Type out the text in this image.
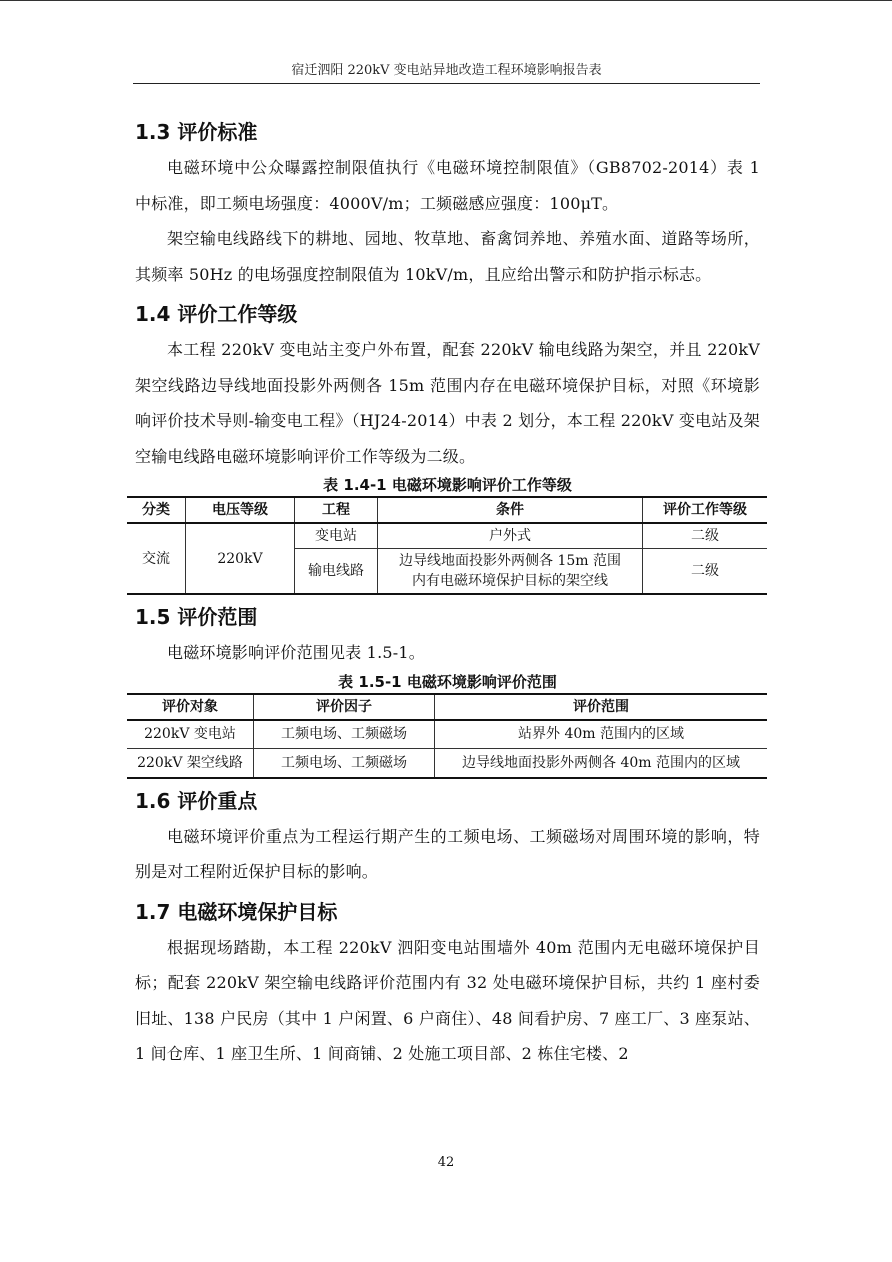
宿迁泗阳 220kV 变电站异地改造工程环境影响报告表
1.3 评价标准

电磁环境中公众曝露控制限值执行《电磁环境控制限值》（GB8702-2014）表 1 中标准，即工频电场强度：4000V/m；工频磁感应强度：100μT。

架空输电线路线下的耕地、园地、牧草地、畜禽饲养地、养殖水面、道路等场所，其频率 50Hz 的电场强度控制限值为 10kV/m，且应给出警示和防护指示标志。

1.4 评价工作等级

本工程 220kV 变电站主变户外布置，配套 220kV 输电线路为架空，并且 220kV 架空线路边导线地面投影外两侧各 15m 范围内存在电磁环境保护目标，对照《环境影响评价技术导则-输变电工程》（HJ24-2014）中表 2 划分，本工程 220kV 变电站及架空输电线路电磁环境影响评价工作等级为二级。

表 1.4-1 电磁环境影响评价工作等级
分类	电压等级	工程	条件	评价工作等级
交流	220kV	变电站	户外式	二级
		输电线路	边导线地面投影外两侧各 15m 范围内有电磁环境保护目标的架空线	二级
1.5 评价范围

电磁环境影响评价范围见表 1.5-1。

表 1.5-1 电磁环境影响评价范围
评价对象	评价因子	评价范围
220kV 变电站	工频电场、工频磁场	站界外 40m 范围内的区域
220kV 架空线路	工频电场、工频磁场	边导线地面投影外两侧各 40m 范围内的区域
1.6 评价重点

电磁环境评价重点为工程运行期产生的工频电场、工频磁场对周围环境的影响，特别是对工程附近保护目标的影响。

1.7 电磁环境保护目标

根据现场踏勘，本工程 220kV 泗阳变电站围墙外 40m 范围内无电磁环境保护目标；配套 220kV 架空输电线路评价范围内有 32 处电磁环境保护目标，共约 1 座村委旧址、138 户民房（其中 1 户闲置、6 户商住）、48 间看护房、7 座工厂、3 座泵站、1 间仓库、1 座卫生所、1 间商铺、2 处施工项目部、2 栋住宅楼、2

42
